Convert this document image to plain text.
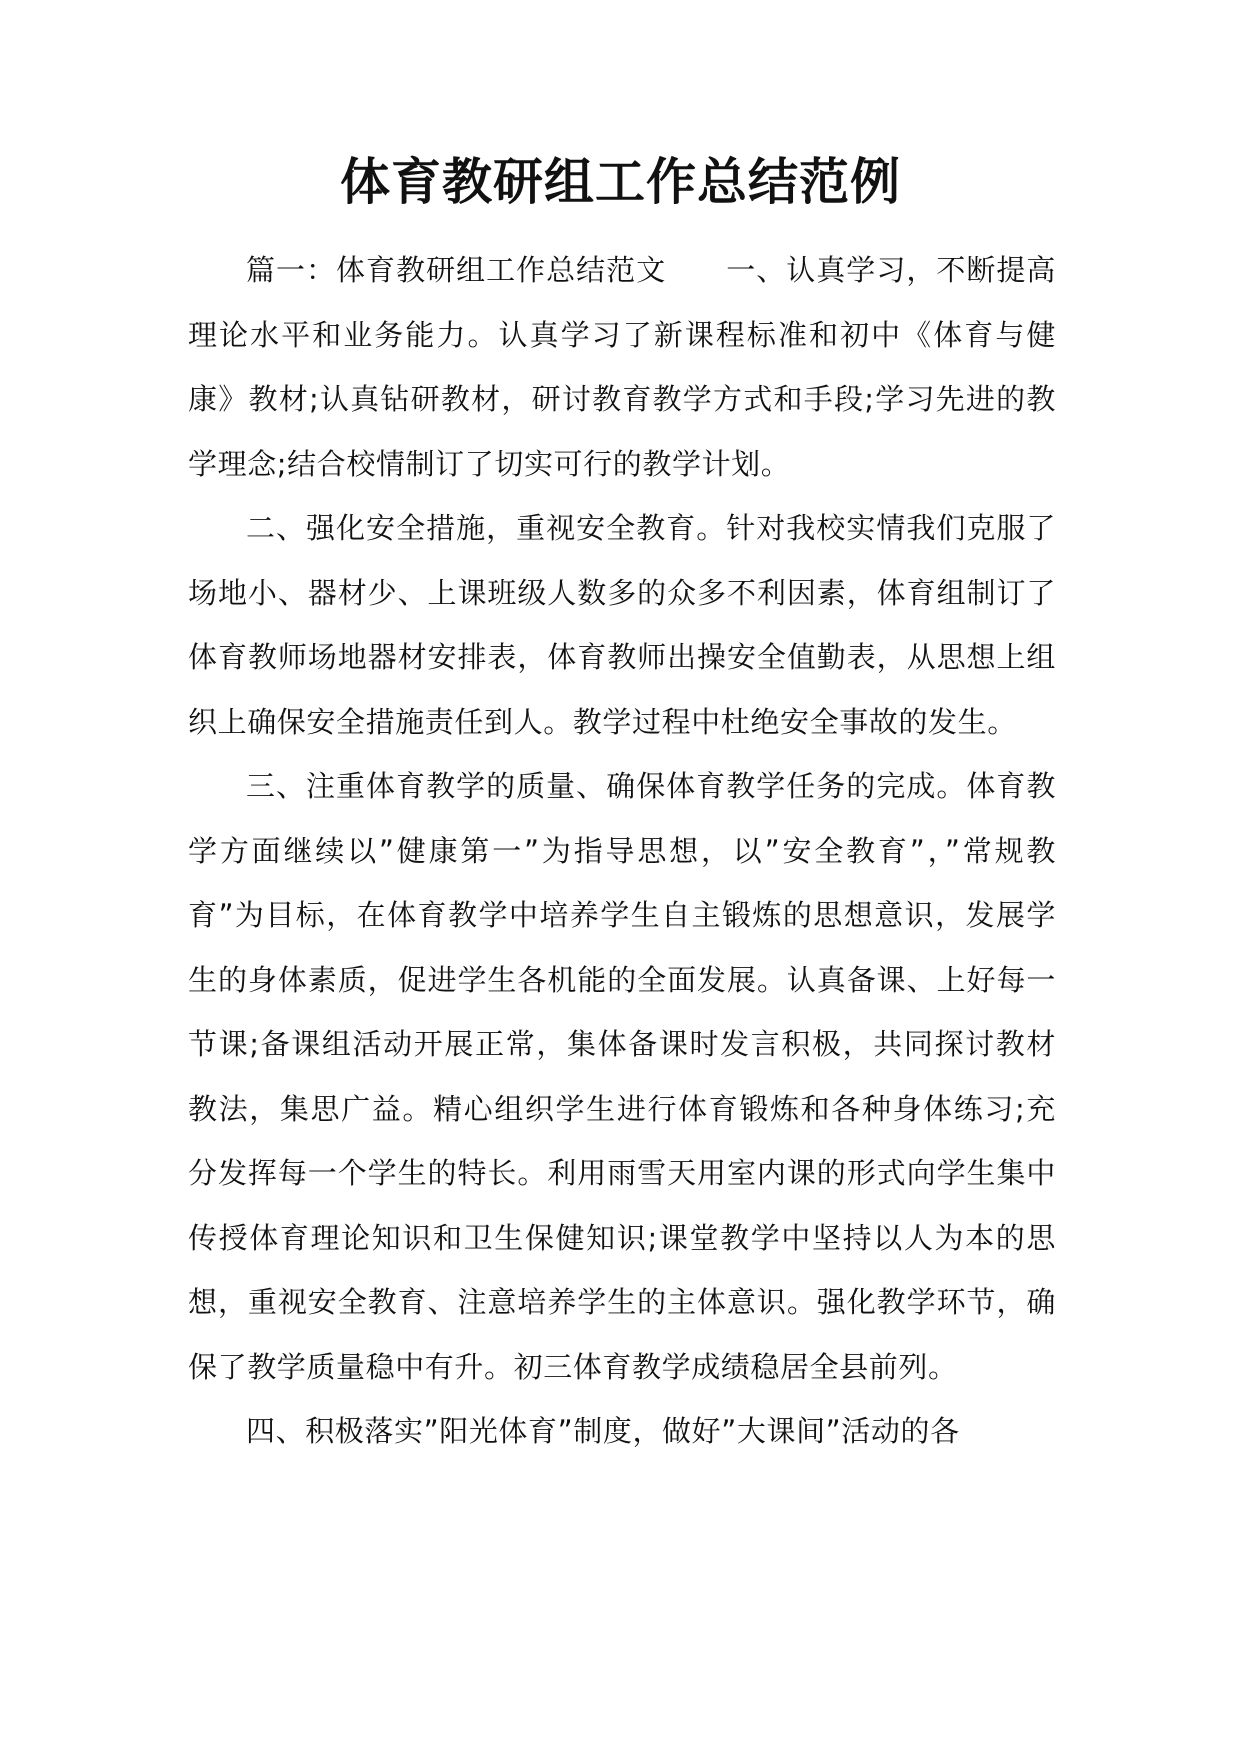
体育教研组工作总结范例

篇一：体育教研组工作总结范文　　一、认真学习，不断提高理论水平和业务能力。认真学习了新课程标准和初中《体育与健康》教材;认真钻研教材，研讨教育教学方式和手段;学习先进的教学理念;结合校情制订了切实可行的教学计划。

二、强化安全措施，重视安全教育。针对我校实情我们克服了场地小、器材少、上课班级人数多的众多不利因素，体育组制订了体育教师场地器材安排表，体育教师出操安全值勤表，从思想上组织上确保安全措施责任到人。教学过程中杜绝安全事故的发生。

三、注重体育教学的质量、确保体育教学任务的完成。体育教学方面继续以”健康第一”为指导思想，以”安全教育”，”常规教育”为目标，在体育教学中培养学生自主锻炼的思想意识，发展学生的身体素质，促进学生各机能的全面发展。认真备课、上好每一节课;备课组活动开展正常，集体备课时发言积极，共同探讨教材教法，集思广益。精心组织学生进行体育锻炼和各种身体练习;充分发挥每一个学生的特长。利用雨雪天用室内课的形式向学生集中传授体育理论知识和卫生保健知识;课堂教学中坚持以人为本的思想，重视安全教育、注意培养学生的主体意识。强化教学环节，确保了教学质量稳中有升。初三体育教学成绩稳居全县前列。

四、积极落实”阳光体育”制度，做好”大课间”活动的各
